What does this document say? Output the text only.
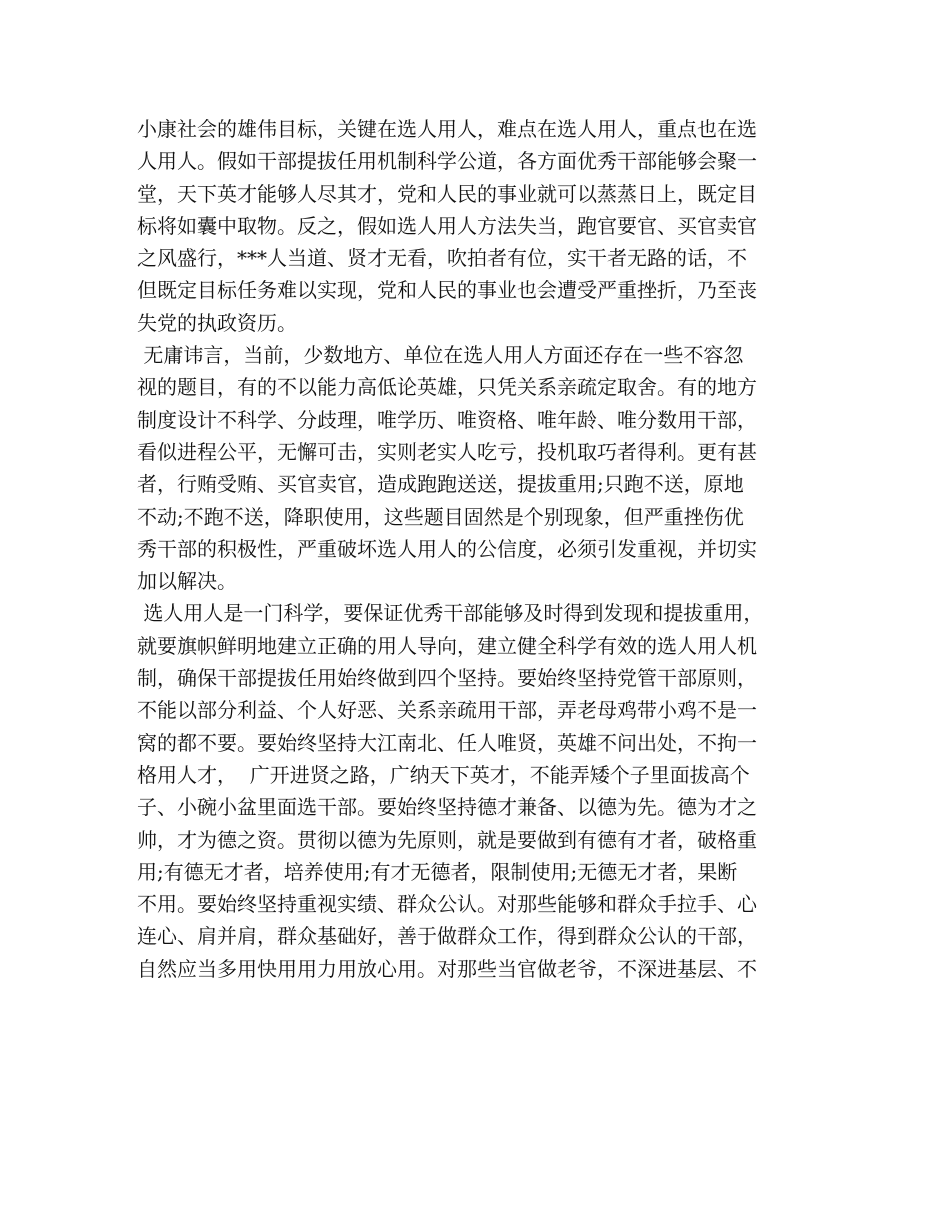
小康社会的雄伟目标，关键在选人用人，难点在选人用人，重点也在选
人用人。假如干部提拔任用机制科学公道，各方面优秀干部能够会聚一
堂，天下英才能够人尽其才，党和人民的事业就可以蒸蒸日上，既定目
标将如囊中取物。反之，假如选人用人方法失当，跑官要官、买官卖官
之风盛行，***人当道、贤才无看，吹拍者有位，实干者无路的话，不
但既定目标任务难以实现，党和人民的事业也会遭受严重挫折，乃至丧
失党的执政资历。
无庸讳言，当前，少数地方、单位在选人用人方面还存在一些不容忽
视的题目，有的不以能力高低论英雄，只凭关系亲疏定取舍。有的地方
制度设计不科学、分歧理，唯学历、唯资格、唯年龄、唯分数用干部，
看似进程公平，无懈可击，实则老实人吃亏，投机取巧者得利。更有甚
者，行贿受贿、买官卖官，造成跑跑送送，提拔重用;只跑不送，原地
不动;不跑不送，降职使用，这些题目固然是个别现象，但严重挫伤优
秀干部的积极性，严重破坏选人用人的公信度，必须引发重视，并切实
加以解决。
选人用人是一门科学，要保证优秀干部能够及时得到发现和提拔重用，
就要旗帜鲜明地建立正确的用人导向，建立健全科学有效的选人用人机
制，确保干部提拔任用始终做到四个坚持。要始终坚持党管干部原则，
不能以部分利益、个人好恶、关系亲疏用干部，弄老母鸡带小鸡不是一
窝的都不要。要始终坚持大江南北、任人唯贤，英雄不问出处，不拘一
格用人才，  广开进贤之路，广纳天下英才，不能弄矮个子里面拔高个
子、小碗小盆里面选干部。要始终坚持德才兼备、以德为先。德为才之
帅，才为德之资。贯彻以德为先原则，就是要做到有德有才者，破格重
用;有德无才者，培养使用;有才无德者，限制使用;无德无才者，果断
不用。要始终坚持重视实绩、群众公认。对那些能够和群众手拉手、心
连心、肩并肩，群众基础好，善于做群众工作，得到群众公认的干部，
自然应当多用快用用力用放心用。对那些当官做老爷，不深进基层、不
